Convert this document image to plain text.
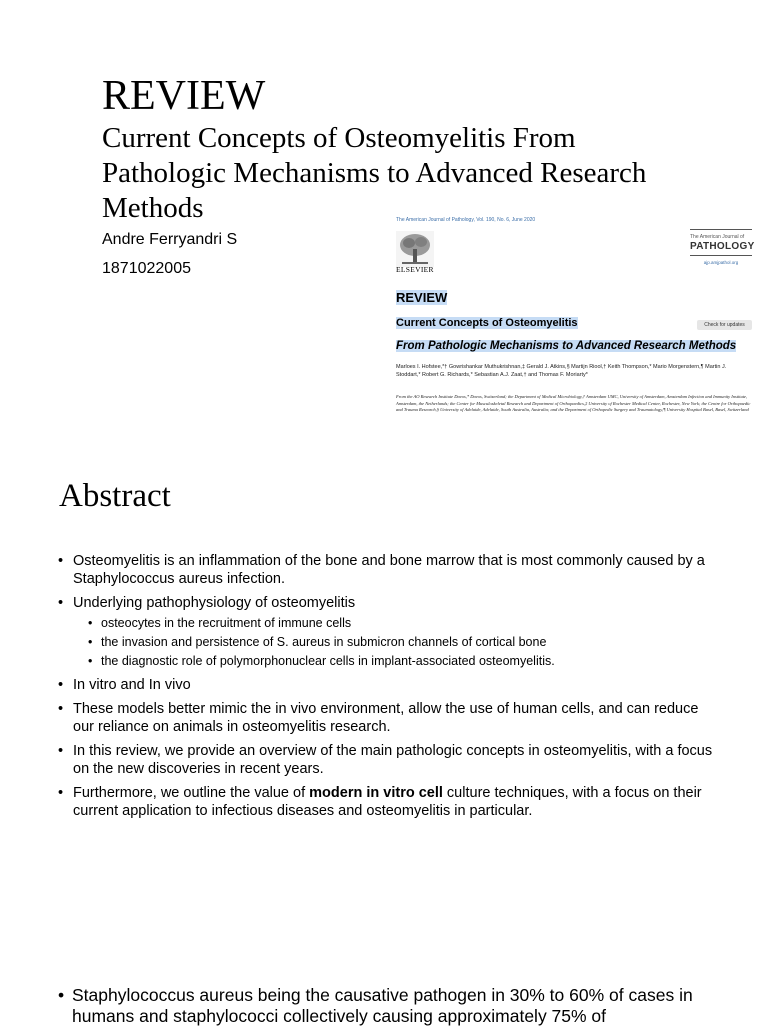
REVIEW
Current Concepts of Osteomyelitis From Pathologic Mechanisms to Advanced Research Methods
Andre Ferryandri S
1871022005
The American Journal of Pathology, Vol. 190, No. 6, June 2020
ELSEVIER
The American Journal of
PATHOLOGY
ajp.amjpathol.org
REVIEW
Current Concepts of Osteomyelitis	Check for updates
From Pathologic Mechanisms to Advanced Research Methods
Marloes I. Hofstee,*† Gowrishankar Muthukrishnan,‡ Gerald J. Atkins,§ Martijn Riool,† Keith Thompson,* Mario Morgenstern,¶ Martin J. Stoddart,* Robert G. Richards,* Sebastian A.J. Zaat,† and Thomas F. Moriarty*
From the AO Research Institute Davos,* Davos, Switzerland; the Department of Medical Microbiology,† Amsterdam UMC, University of Amsterdam, Amsterdam Infection and Immunity Institute, Amsterdam, the Netherlands; the Center for Musculoskeletal Research and Department of Orthopaedics,‡ University of Rochester Medical Center, Rochester, New York; the Centre for Orthopaedic and Trauma Research,§ University of Adelaide, Adelaide, South Australia, Australia; and the Department of Orthopedic Surgery and Traumatology,¶ University Hospital Basel, Basel, Switzerland
Abstract
• Osteomyelitis is an inflammation of the bone and bone marrow that is most commonly caused by a Staphylococcus aureus infection.
• Underlying pathophysiology of osteomyelitis
• osteocytes in the recruitment of immune cells
• the invasion and persistence of S. aureus in submicron channels of cortical bone
• the diagnostic role of polymorphonuclear cells in implant-associated osteomyelitis.
• In vitro and In vivo
• These models better mimic the in vivo environment, allow the use of human cells, and can reduce our reliance on animals in osteomyelitis research.
• In this review, we provide an overview of the main pathologic concepts in osteomyelitis, with a focus on the new discoveries in recent years.
• Furthermore, we outline the value of modern in vitro cell culture techniques, with a focus on their current application to infectious diseases and osteomyelitis in particular.
• Staphylococcus aureus being the causative pathogen in 30% to 60% of cases in humans and staphylococci collectively causing approximately 75% of
